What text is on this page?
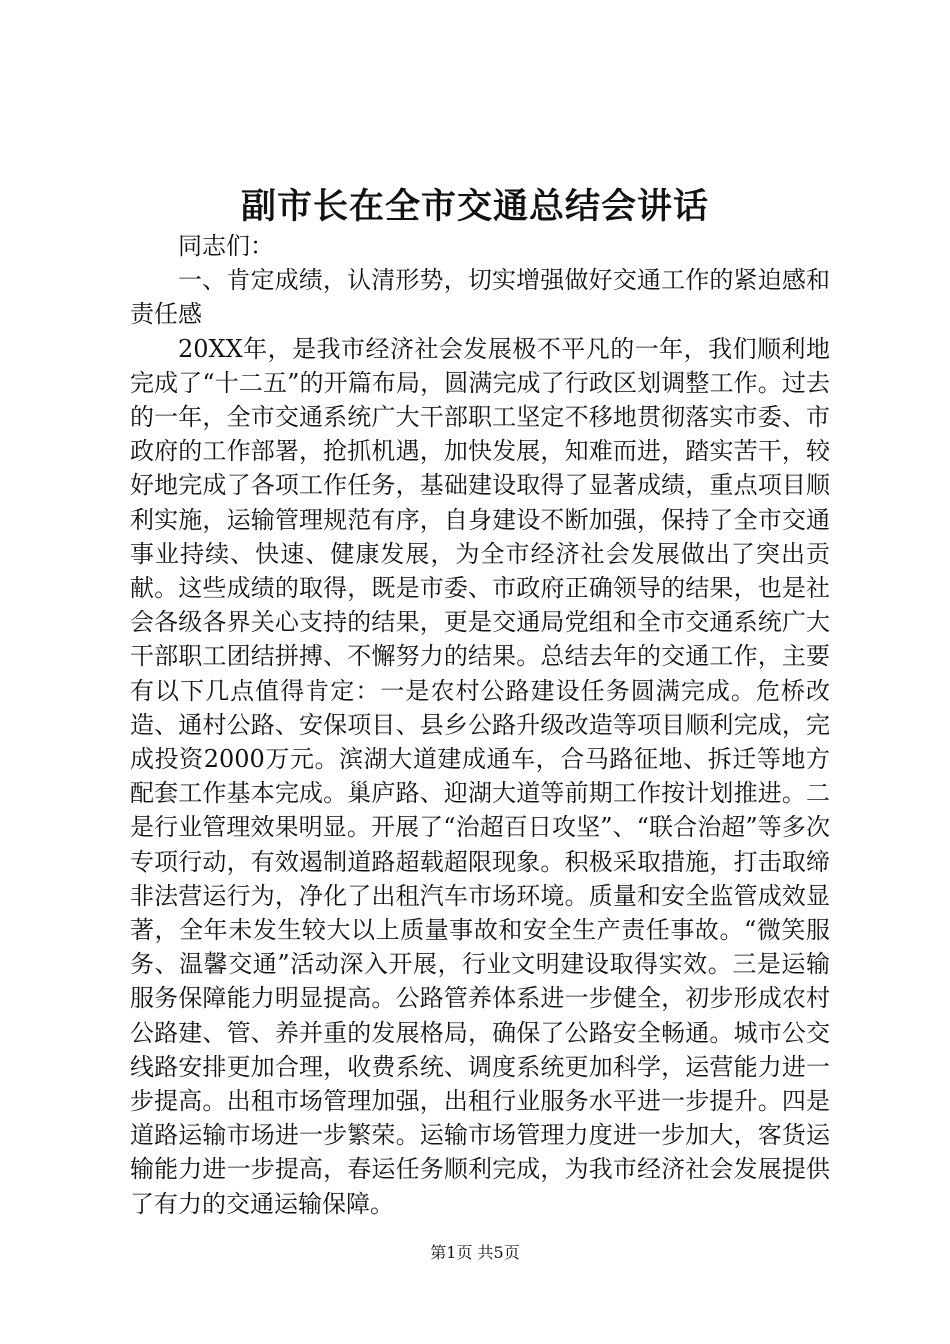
副市长在全市交通总结会讲话

同志们：

一、肯定成绩，认清形势，切实增强做好交通工作的紧迫感和责任感

20XX年，是我市经济社会发展极不平凡的一年，我们顺利地完成了“十二五”的开篇布局，圆满完成了行政区划调整工作。过去的一年，全市交通系统广大干部职工坚定不移地贯彻落实市委、市政府的工作部署，抢抓机遇，加快发展，知难而进，踏实苦干，较好地完成了各项工作任务，基础建设取得了显著成绩，重点项目顺利实施，运输管理规范有序，自身建设不断加强，保持了全市交通事业持续、快速、健康发展，为全市经济社会发展做出了突出贡献。这些成绩的取得，既是市委、市政府正确领导的结果，也是社会各级各界关心支持的结果，更是交通局党组和全市交通系统广大干部职工团结拼搏、不懈努力的结果。总结去年的交通工作，主要有以下几点值得肯定：一是农村公路建设任务圆满完成。危桥改造、通村公路、安保项目、县乡公路升级改造等项目顺利完成，完成投资2000万元。滨湖大道建成通车，合马路征地、拆迁等地方配套工作基本完成。巢庐路、迎湖大道等前期工作按计划推进。二是行业管理效果明显。开展了“治超百日攻坚”、“联合治超”等多次专项行动，有效遏制道路超载超限现象。积极采取措施，打击取缔非法营运行为，净化了出租汽车市场环境。质量和安全监管成效显著，全年未发生较大以上质量事故和安全生产责任事故。“微笑服务、温馨交通”活动深入开展，行业文明建设取得实效。三是运输服务保障能力明显提高。公路管养体系进一步健全，初步形成农村公路建、管、养并重的发展格局，确保了公路安全畅通。城市公交线路安排更加合理，收费系统、调度系统更加科学，运营能力进一步提高。出租市场管理加强，出租行业服务水平进一步提升。四是道路运输市场进一步繁荣。运输市场管理力度进一步加大，客货运输能力进一步提高，春运任务顺利完成，为我市经济社会发展提供了有力的交通运输保障。

第1页 共5页
